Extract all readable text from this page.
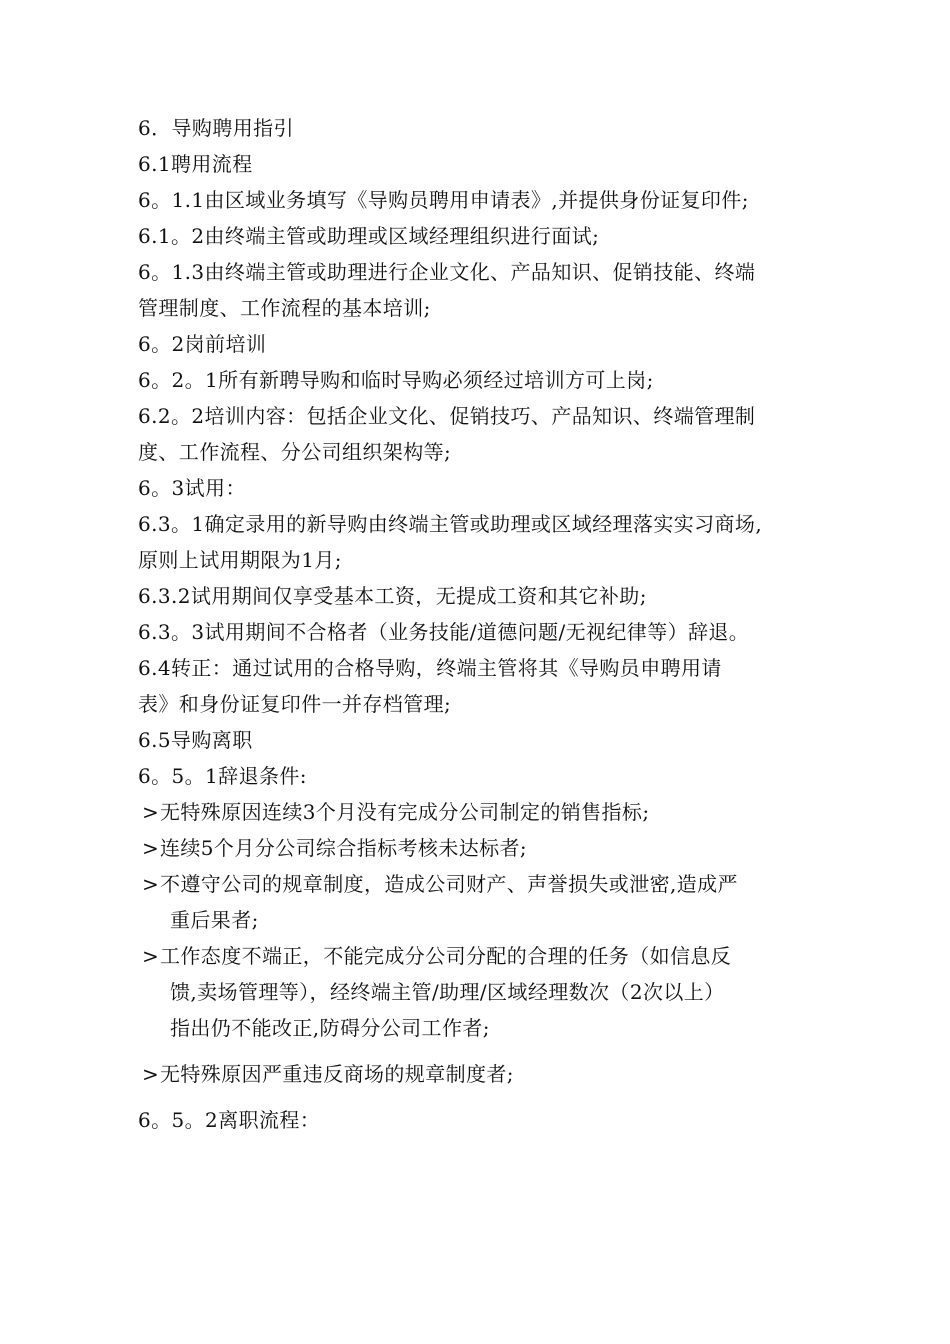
6．导购聘用指引
6.1聘用流程
6。1.1由区域业务填写《导购员聘用申请表》,并提供身份证复印件;
6.1。2由终端主管或助理或区域经理组织进行面试;
6。1.3由终端主管或助理进行企业文化、产品知识、促销技能、终端
管理制度、工作流程的基本培训;
6。2岗前培训
6。2。1所有新聘导购和临时导购必须经过培训方可上岗;
6.2。2培训内容：包括企业文化、促销技巧、产品知识、终端管理制
度、工作流程、分公司组织架构等;
6。3试用：
6.3。1确定录用的新导购由终端主管或助理或区域经理落实实习商场,
原则上试用期限为1月;
6.3.2试用期间仅享受基本工资，无提成工资和其它补助;
6.3。3试用期间不合格者（业务技能/道德问题/无视纪律等）辞退。
6.4转正：通过试用的合格导购，终端主管将其《导购员申聘用请
表》和身份证复印件一并存档管理;
6.5导购离职
6。5。1辞退条件:
> 无特殊原因连续3个月没有完成分公司制定的销售指标;
> 连续5个月分公司综合指标考核未达标者;
> 不遵守公司的规章制度，造成公司财产、声誉损失或泄密,造成严
重后果者;
> 工作态度不端正，不能完成分公司分配的合理的任务（如信息反
馈,卖场管理等），经终端主管/助理/区域经理数次（2次以上）
指出仍不能改正,防碍分公司工作者;
> 无特殊原因严重违反商场的规章制度者;
6。5。2离职流程：
